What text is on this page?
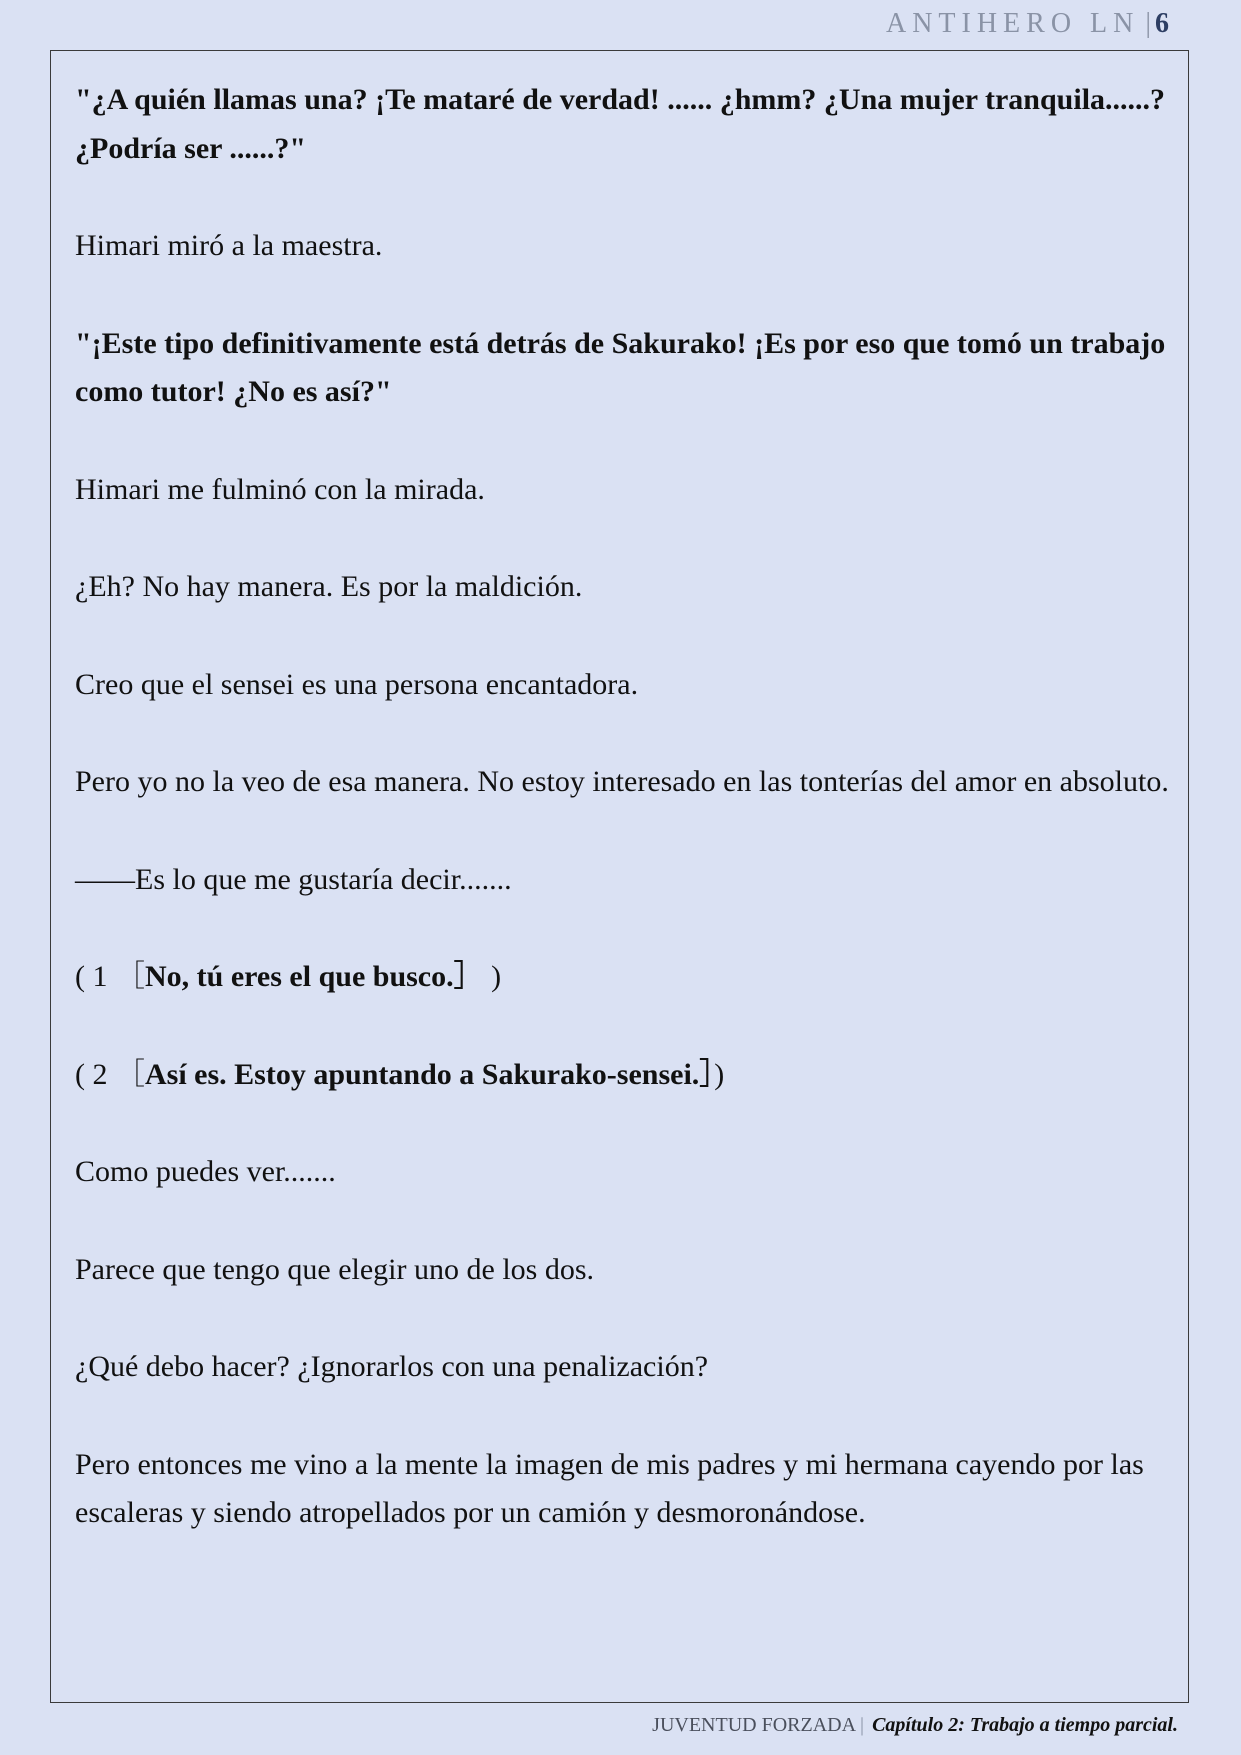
ANTIHERO LN | 6

"¿A quién llamas una? ¡Te mataré de verdad! ...... ¿hmm? ¿Una mujer tranquila......? ¿Podría ser ......?"

Himari miró a la maestra.

"¡Este tipo definitivamente está detrás de Sakurako! ¡Es por eso que tomó un trabajo como tutor! ¿No es así?"

Himari me fulminó con la mirada.

¿Eh? No hay manera. Es por la maldición.

Creo que el sensei es una persona encantadora.

Pero yo no la veo de esa manera. No estoy interesado en las tonterías del amor en absoluto.

——Es lo que me gustaría decir.......

( 1 ［No, tú eres el que busco.］ )

( 2 ［Así es. Estoy apuntando a Sakurako-sensei.］)

Como puedes ver.......

Parece que tengo que elegir uno de los dos.

¿Qué debo hacer? ¿Ignorarlos con una penalización?

Pero entonces me vino a la mente la imagen de mis padres y mi hermana cayendo por las escaleras y siendo atropellados por un camión y desmoronándose.

JUVENTUD FORZADA | Capítulo 2: Trabajo a tiempo parcial.
